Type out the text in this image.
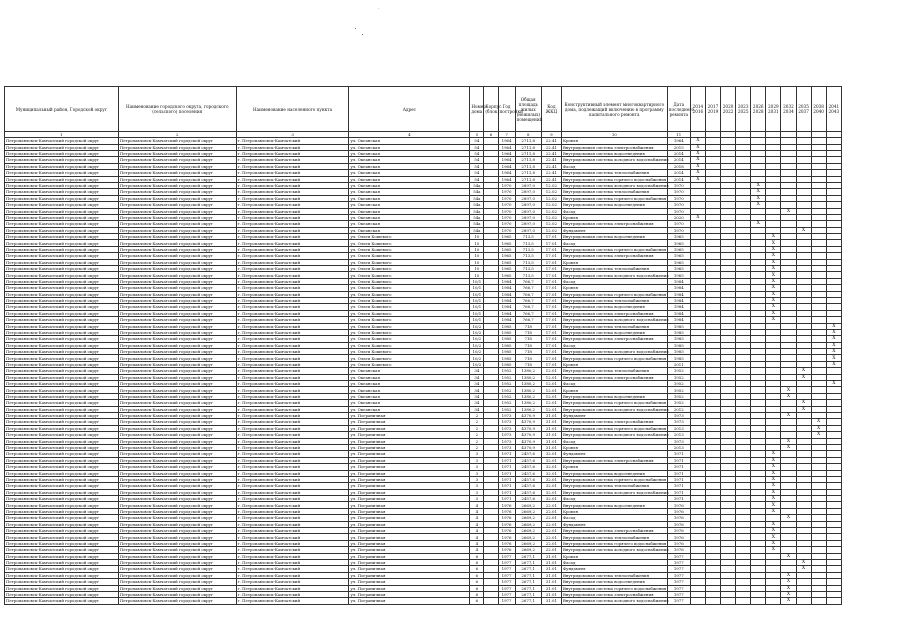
·
Муниципальный район, Городской округ	Наименование городского округа, городского (сельского) поселения	Наименование населенного пункта	Адрес	Номер дома	Корпус (блок)	Год постройки	Общая площадь жилых (нежилых) помещений	Код ЖКЦ	Конструктивный элемент многоквартирного дома, подлежащий включению в программу капитального ремонта	Дата последнего ремонта	2014 2016	2017 2019	2020 2022	2023 2025	2026 2028	2029 2031	2032 2034	2035 2037	2038 2040	2041 2043
1	2	3	4	5	6	7	8	9	10	11										
Петропавловск-Камчатский городской округ	Петропавловск-Камчатский городской округ	г. Петропавловск-Камчатский	ул. Океанская	54		1964	2711,8	22.41	Кровля	1964	X									
Петропавловск-Камчатский городской округ	Петропавловск-Камчатский городской округ	г. Петропавловск-Камчатский	ул. Океанская	54		1964	2711,8	22.41	Внутридомовая система электроснабжения	2015	X									
Петропавловск-Камчатский городской округ	Петропавловск-Камчатский городской округ	г. Петропавловск-Камчатский	ул. Океанская	54		1964	2711,8	22.41	Внутридомовая система водоотведения	2014	X									
Петропавловск-Камчатский городской округ	Петропавловск-Камчатский городской округ	г. Петропавловск-Камчатский	ул. Океанская	54		1964	2711,8	22.41	Внутридомовая система холодного водоснабжения	2014	X									
Петропавловск-Камчатский городской округ	Петропавловск-Камчатский городской округ	г. Петропавловск-Камчатский	ул. Океанская	54		1964	2711,8	22.41	Фасад	2018	X									
Петропавловск-Камчатский городской округ	Петропавловск-Камчатский городской округ	г. Петропавловск-Камчатский	ул. Океанская	54		1964	2711,8	22.41	Внутридомовая система теплоснабжения	2014	X									
Петропавловск-Камчатский городской округ	Петропавловск-Камчатский городской округ	г. Петропавловск-Камчатский	ул. Океанская	54		1964	2711,8	22.41	Внутридомовая система горячего водоснабжения	2014	X									
Петропавловск-Камчатский городской округ	Петропавловск-Камчатский городской округ	г. Петропавловск-Камчатский	ул. Океанская	54а		1970	2897,0	12.02	Внутридомовая система холодного водоснабжения	1970					X					
Петропавловск-Камчатский городской округ	Петропавловск-Камчатский городской округ	г. Петропавловск-Камчатский	ул. Океанская	54а		1970	2897,0	12.02	Внутридомовая система теплоснабжения	1970					X					
Петропавловск-Камчатский городской округ	Петропавловск-Камчатский городской округ	г. Петропавловск-Камчатский	ул. Океанская	54а		1970	2897,0	12.02	Внутридомовая система горячего водоснабжения	1970					X					
Петропавловск-Камчатский городской округ	Петропавловск-Камчатский городской округ	г. Петропавловск-Камчатский	ул. Океанская	54а		1970	2897,0	12.02	Внутридомовая система водоотведения	1970					X					
Петропавловск-Камчатский городской округ	Петропавловск-Камчатский городской округ	г. Петропавловск-Камчатский	ул. Океанская	54а		1970	2897,0	12.02	Фасад	1970							X			
Петропавловск-Камчатский городской округ	Петропавловск-Камчатский городской округ	г. Петропавловск-Камчатский	ул. Океанская	54а		1970	2897,0	12.02	Кровля	2020	X									
Петропавловск-Камчатский городской округ	Петропавловск-Камчатский городской округ	г. Петропавловск-Камчатский	ул. Океанская	54а		1970	2897,0	12.02	Внутридомовая система электроснабжения	1970					X					
Петропавловск-Камчатский городской округ	Петропавловск-Камчатский городской округ	г. Петропавловск-Камчатский	ул. Океанская	54а		1970	2897,0	12.02	Фундамент	1970								X		
Петропавловск-Камчатский городской округ	Петропавловск-Камчатский городской округ	г. Петропавловск-Камчатский	ул. Ольги Кошевого	10		1965	713,5	17.01	Внутридомовая система водоотведения	1965						X				
Петропавловск-Камчатский городской округ	Петропавловск-Камчатский городской округ	г. Петропавловск-Камчатский	ул. Ольги Кошевого	10		1965	713,5	17.01	Фасад	1965						X				
Петропавловск-Камчатский городской округ	Петропавловск-Камчатский городской округ	г. Петропавловск-Камчатский	ул. Ольги Кошевого	10		1965	713,5	17.01	Внутридомовая система горячего водоснабжения	1965						X				
Петропавловск-Камчатский городской округ	Петропавловск-Камчатский городской округ	г. Петропавловск-Камчатский	ул. Ольги Кошевого	10		1965	713,5	17.01	Внутридомовая система электроснабжения	1965						X				
Петропавловск-Камчатский городской округ	Петропавловск-Камчатский городской округ	г. Петропавловск-Камчатский	ул. Ольги Кошевого	10		1965	713,5	17.01	Кровля	1965						X				
Петропавловск-Камчатский городской округ	Петропавловск-Камчатский городской округ	г. Петропавловск-Камчатский	ул. Ольги Кошевого	10		1965	713,5	17.01	Внутридомовая система теплоснабжения	1965						X				
Петропавловск-Камчатский городской округ	Петропавловск-Камчатский городской округ	г. Петропавловск-Камчатский	ул. Ольги Кошевого	10		1965	713,5	17.01	Внутридомовая система холодного водоснабжения	1965						X				
Петропавловск-Камчатский городской округ	Петропавловск-Камчатский городской округ	г. Петропавловск-Камчатский	ул. Ольги Кошевого	10/1		1984	766,7	17.01	Фасад	1984						X				
Петропавловск-Камчатский городской округ	Петропавловск-Камчатский городской округ	г. Петропавловск-Камчатский	ул. Ольги Кошевого	10/1		1984	766,7	17.01	Кровля	1984						X				
Петропавловск-Камчатский городской округ	Петропавловск-Камчатский городской округ	г. Петропавловск-Камчатский	ул. Ольги Кошевого	10/1		1984	766,7	17.01	Внутридомовая система горячего водоснабжения	1984						X				
Петропавловск-Камчатский городской округ	Петропавловск-Камчатский городской округ	г. Петропавловск-Камчатский	ул. Ольги Кошевого	10/1		1984	766,7	17.01	Внутридомовая система теплоснабжения	1984						X				
Петропавловск-Камчатский городской округ	Петропавловск-Камчатский городской округ	г. Петропавловск-Камчатский	ул. Ольги Кошевого	10/1		1984	766,7	17.01	Внутридомовая система водоотведения	1984						X				
Петропавловск-Камчатский городской округ	Петропавловск-Камчатский городской округ	г. Петропавловск-Камчатский	ул. Ольги Кошевого	10/1		1984	766,7	17.01	Внутридомовая система электроснабжения	1984						X				
Петропавловск-Камчатский городской округ	Петропавловск-Камчатский городской округ	г. Петропавловск-Камчатский	ул. Ольги Кошевого	10/1		1984	766,7	17.01	Внутридомовая система холодного водоснабжения	1984						X				
Петропавловск-Камчатский городской округ	Петропавловск-Камчатский городской округ	г. Петропавловск-Камчатский	ул. Ольги Кошевого	10/2		1985	718	17.01	Внутридомовая система теплоснабжения	1985										X
Петропавловск-Камчатский городской округ	Петропавловск-Камчатский городской округ	г. Петропавловск-Камчатский	ул. Ольги Кошевого	10/2		1985	718	17.01	Внутридомовая система водоотведения	1985										X
Петропавловск-Камчатский городской округ	Петропавловск-Камчатский городской округ	г. Петропавловск-Камчатский	ул. Ольги Кошевого	10/2		1985	718	17.01	Внутридомовая система электроснабжения	1985										X
Петропавловск-Камчатский городской округ	Петропавловск-Камчатский городской округ	г. Петропавловск-Камчатский	ул. Ольги Кошевого	10/2		1985	718	17.01	Фасад	1985										X
Петропавловск-Камчатский городской округ	Петропавловск-Камчатский городской округ	г. Петропавловск-Камчатский	ул. Ольги Кошевого	10/2		1985	718	17.01	Внутридомовая система холодного водоснабжения	1985										X
Петропавловск-Камчатский городской округ	Петропавловск-Камчатский городской округ	г. Петропавловск-Камчатский	ул. Ольги Кошевого	10/2		1985	718	17.01	Внутридомовая система горячего водоснабжения	1985										X
Петропавловск-Камчатский городской округ	Петропавловск-Камчатский городской округ	г. Петропавловск-Камчатский	ул. Ольги Кошевого	10/2		1985	718	17.01	Кровля	2011										X
Петропавловск-Камчатский городской округ	Петропавловск-Камчатский городской округ	г. Петропавловск-Камчатский	ул. Океанская	34		1952	1380,2	12.01	Внутридомовая система теплоснабжения	1952								X		
Петропавловск-Камчатский городской округ	Петропавловск-Камчатский городской округ	г. Петропавловск-Камчатский	ул. Океанская	34		1952	1380,2	12.01	Внутридомовая система электроснабжения	1952								X		
Петропавловск-Камчатский городской округ	Петропавловск-Камчатский городской округ	г. Петропавловск-Камчатский	ул. Океанская	34		1952	1380,2	12.01	Фасад	1952										X
Петропавловск-Камчатский городской округ	Петропавловск-Камчатский городской округ	г. Петропавловск-Камчатский	ул. Океанская	34		1952	1380,2	12.01	Кровля	1952							X			
Петропавловск-Камчатский городской округ	Петропавловск-Камчатский городской округ	г. Петропавловск-Камчатский	ул. Океанская	34		1952	1380,2	12.01	Внутридомовая система водоотведения	1952							X			
Петропавловск-Камчатский городской округ	Петропавловск-Камчатский городской округ	г. Петропавловск-Камчатский	ул. Океанская	34		1952	1380,2	12.01	Внутридомовая система горячего водоснабжения	1952								X		
Петропавловск-Камчатский городской округ	Петропавловск-Камчатский городской округ	г. Петропавловск-Камчатский	ул. Океанская	34		1952	1380,2	12.01	Внутридомовая система холодного водоснабжения	2012								X		
Петропавловск-Камчатский городской округ	Петропавловск-Камчатский городской округ	г. Петропавловск-Камчатский	ул. Пограничная	2		1973	4370,9	31.01	Фундамент	1973							X			
Петропавловск-Камчатский городской округ	Петропавловск-Камчатский городской округ	г. Петропавловск-Камчатский	ул. Пограничная	2		1973	4370,9	31.01	Внутридомовая система электроснабжения	1973									X	
Петропавловск-Камчатский городской округ	Петропавловск-Камчатский городской округ	г. Петропавловск-Камчатский	ул. Пограничная	2		1973	4370,9	31.01	Внутридомовая система горячего водоснабжения	2013									X	
Петропавловск-Камчатский городской округ	Петропавловск-Камчатский городской округ	г. Петропавловск-Камчатский	ул. Пограничная	2		1973	4370,9	31.01	Внутридомовая система холодного водоснабжения	2013									X	
Петропавловск-Камчатский городской округ	Петропавловск-Камчатский городской округ	г. Петропавловск-Камчатский	ул. Пограничная	2		1973	4370,9	31.01	Фасад	1973							X			
Петропавловск-Камчатский городской округ	Петропавловск-Камчатский городской округ	г. Петропавловск-Камчатский	ул. Пограничная	2		1973	4370,9	31.01	Кровля	2013							X			
Петропавловск-Камчатский городской округ	Петропавловск-Камчатский городской округ	г. Петропавловск-Камчатский	ул. Пограничная	3		1971	2457,6	32.01	Фундамент	1971						X				
Петропавловск-Камчатский городской округ	Петропавловск-Камчатский городской округ	г. Петропавловск-Камчатский	ул. Пограничная	3		1971	2457,6	32.01	Внутридомовая система электроснабжения	1971						X				
Петропавловск-Камчатский городской округ	Петропавловск-Камчатский городской округ	г. Петропавловск-Камчатский	ул. Пограничная	3		1971	2457,6	32.01	Кровля	1971						X				
Петропавловск-Камчатский городской округ	Петропавловск-Камчатский городской округ	г. Петропавловск-Камчатский	ул. Пограничная	3		1971	2457,6	32.01	Внутридомовая система водоотведения	1971						X				
Петропавловск-Камчатский городской округ	Петропавловск-Камчатский городской округ	г. Петропавловск-Камчатский	ул. Пограничная	3		1971	2457,6	32.01	Внутридомовая система горячего водоснабжения	1971						X				
Петропавловск-Камчатский городской округ	Петропавловск-Камчатский городской округ	г. Петропавловск-Камчатский	ул. Пограничная	3		1971	2457,6	32.01	Внутридомовая система теплоснабжения	1971						X				
Петропавловск-Камчатский городской округ	Петропавловск-Камчатский городской округ	г. Петропавловск-Камчатский	ул. Пограничная	3		1971	2457,6	32.01	Внутридомовая система холодного водоснабжения	1971						X				
Петропавловск-Камчатский городской округ	Петропавловск-Камчатский городской округ	г. Петропавловск-Камчатский	ул. Пограничная	3		1971	2457,6	32.01	Фасад	1971						X				
Петропавловск-Камчатский городской округ	Петропавловск-Камчатский городской округ	г. Петропавловск-Камчатский	ул. Пограничная	4		1976	2669,2	22.01	Внутридомовая система водоотведения	1976						X				
Петропавловск-Камчатский городской округ	Петропавловск-Камчатский городской округ	г. Петропавловск-Камчатский	ул. Пограничная	4		1976	2669,2	22.01	Кровля	1976						X				
Петропавловск-Камчатский городской округ	Петропавловск-Камчатский городской округ	г. Петропавловск-Камчатский	ул. Пограничная	4		1976	2669,2	22.01	Фасад	1976							X			
Петропавловск-Камчатский городской округ	Петропавловск-Камчатский городской округ	г. Петропавловск-Камчатский	ул. Пограничная	4		1976	2669,2	22.01	Фундамент	1976						X				
Петропавловск-Камчатский городской округ	Петропавловск-Камчатский городской округ	г. Петропавловск-Камчатский	ул. Пограничная	4		1976	2669,2	22.01	Внутридомовая система электроснабжения	1976						X				
Петропавловск-Камчатский городской округ	Петропавловск-Камчатский городской округ	г. Петропавловск-Камчатский	ул. Пограничная	4		1976	2669,2	22.01	Внутридомовая система теплоснабжения	1976						X				
Петропавловск-Камчатский городской округ	Петропавловск-Камчатский городской округ	г. Петропавловск-Камчатский	ул. Пограничная	4		1976	2669,2	22.01	Внутридомовая система горячего водоснабжения	1976						X				
Петропавловск-Камчатский городской округ	Петропавловск-Камчатский городской округ	г. Петропавловск-Камчатский	ул. Пограничная	4		1976	2669,2	22.01	Внутридомовая система холодного водоснабжения	1976						X				
Петропавловск-Камчатский городской округ	Петропавловск-Камчатский городской округ	г. Петропавловск-Камчатский	ул. Пограничная	6		1977	2677,1	31.01	Кровля	1977							X			
Петропавловск-Камчатский городской округ	Петропавловск-Камчатский городской округ	г. Петропавловск-Камчатский	ул. Пограничная	6		1977	2677,1	31.01	Фасад	1977								X		
Петропавловск-Камчатский городской округ	Петропавловск-Камчатский городской округ	г. Петропавловск-Камчатский	ул. Пограничная	6		1977	2677,1	31.01	Фундамент	1977								X		
Петропавловск-Камчатский городской округ	Петропавловск-Камчатский городской округ	г. Петропавловск-Камчатский	ул. Пограничная	6		1977	2677,1	31.01	Внутридомовая система теплоснабжения	1977							X			
Петропавловск-Камчатский городской округ	Петропавловск-Камчатский городской округ	г. Петропавловск-Камчатский	ул. Пограничная	6		1977	2677,1	31.01	Внутридомовая система водоотведения	1977							X			
Петропавловск-Камчатский городской округ	Петропавловск-Камчатский городской округ	г. Петропавловск-Камчатский	ул. Пограничная	6		1977	2677,1	31.01	Внутридомовая система горячего водоснабжения	1977							X			
Петропавловск-Камчатский городской округ	Петропавловск-Камчатский городской округ	г. Петропавловск-Камчатский	ул. Пограничная	6		1977	2677,1	31.01	Внутридомовая система электроснабжения	1977							X			
Петропавловск-Камчатский городской округ	Петропавловск-Камчатский городской округ	г. Петропавловск-Камчатский	ул. Пограничная	6		1977	2677,1	31.01	Внутридомовая система холодного водоснабжения	1977							X			
